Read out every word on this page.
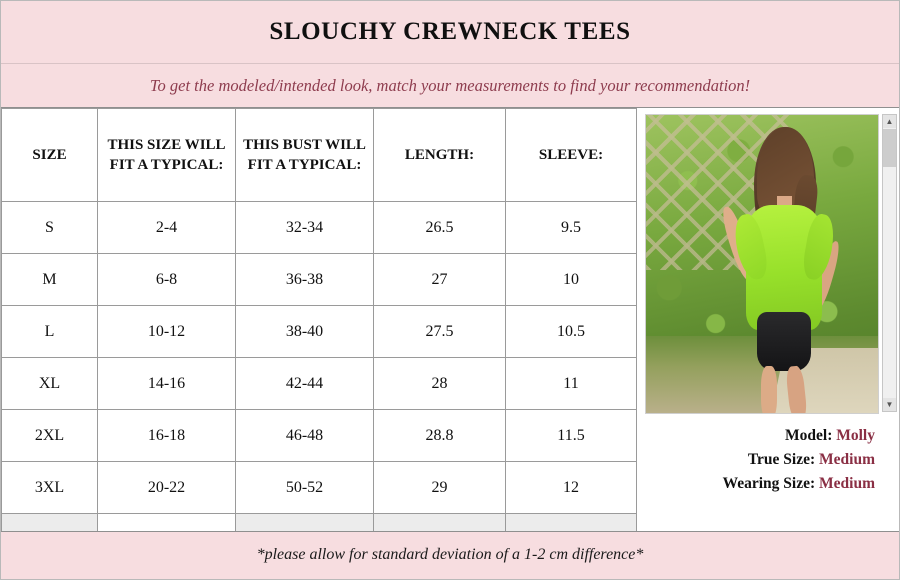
SLOUCHY CREWNECK TEES
To get the modeled/intended look, match your measurements to find your recommendation!
SIZE	THIS SIZE WILL FIT A TYPICAL:	THIS BUST WILL FIT A TYPICAL:	LENGTH:	SLEEVE:
S	2-4	32-34	26.5	9.5
M	6-8	36-38	27	10
L	10-12	38-40	27.5	10.5
XL	14-16	42-44	28	11
2XL	16-18	46-48	28.8	11.5
3XL	20-22	50-52	29	12

▲
▼
Model: Molly
True Size: Medium
Wearing Size: Medium
*please allow for standard deviation of a 1-2 cm difference*
